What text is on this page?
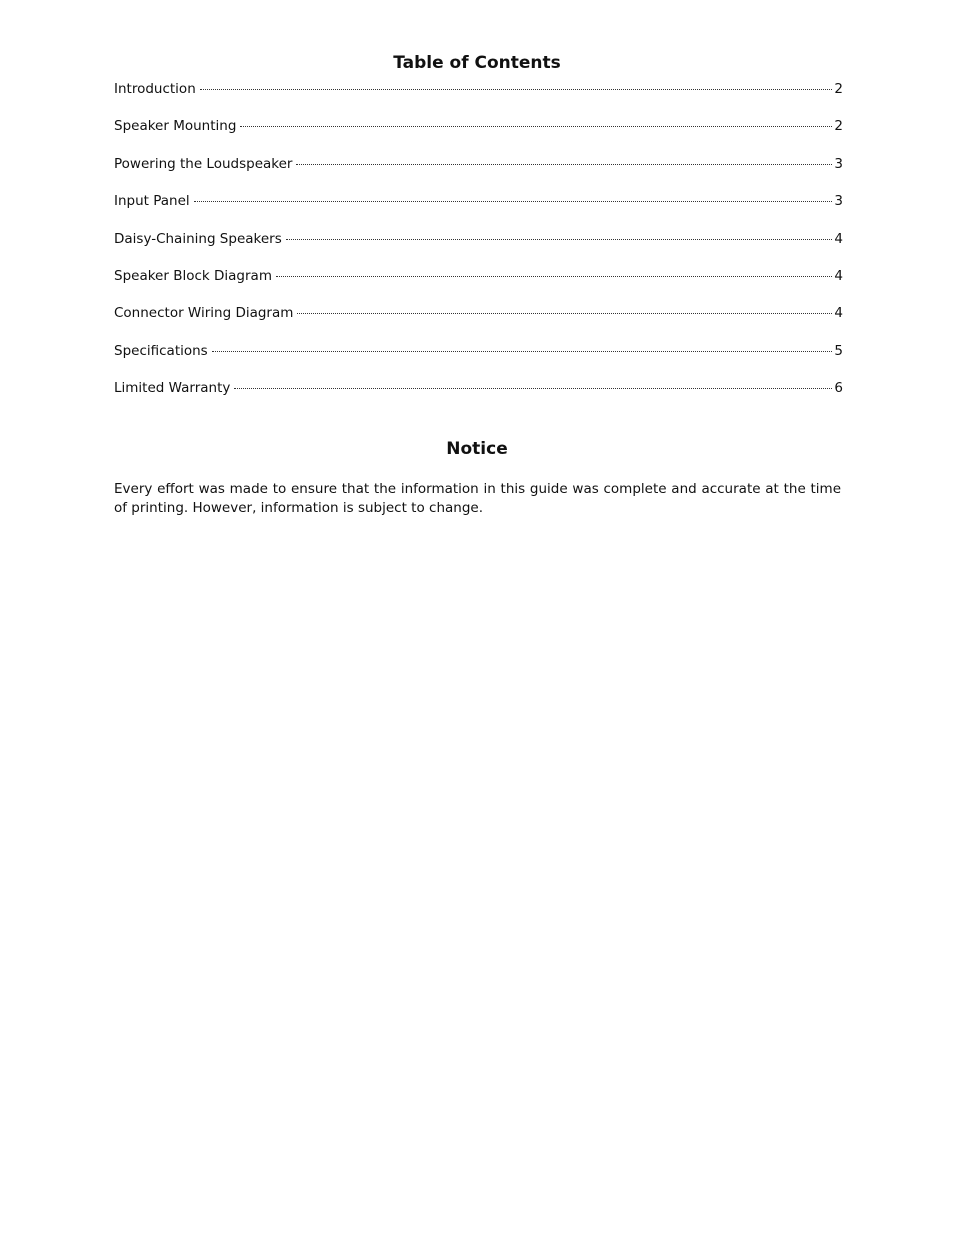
Table of Contents
Introduction	2
Speaker Mounting	2
Powering the Loudspeaker	3
Input Panel	3
Daisy-Chaining Speakers	4
Speaker Block Diagram	4
Connector Wiring Diagram	4
Specifications	5
Limited Warranty	6
Notice

Every effort was made to ensure that the information in this guide was complete and accurate at the time of printing. However, information is subject to change.
